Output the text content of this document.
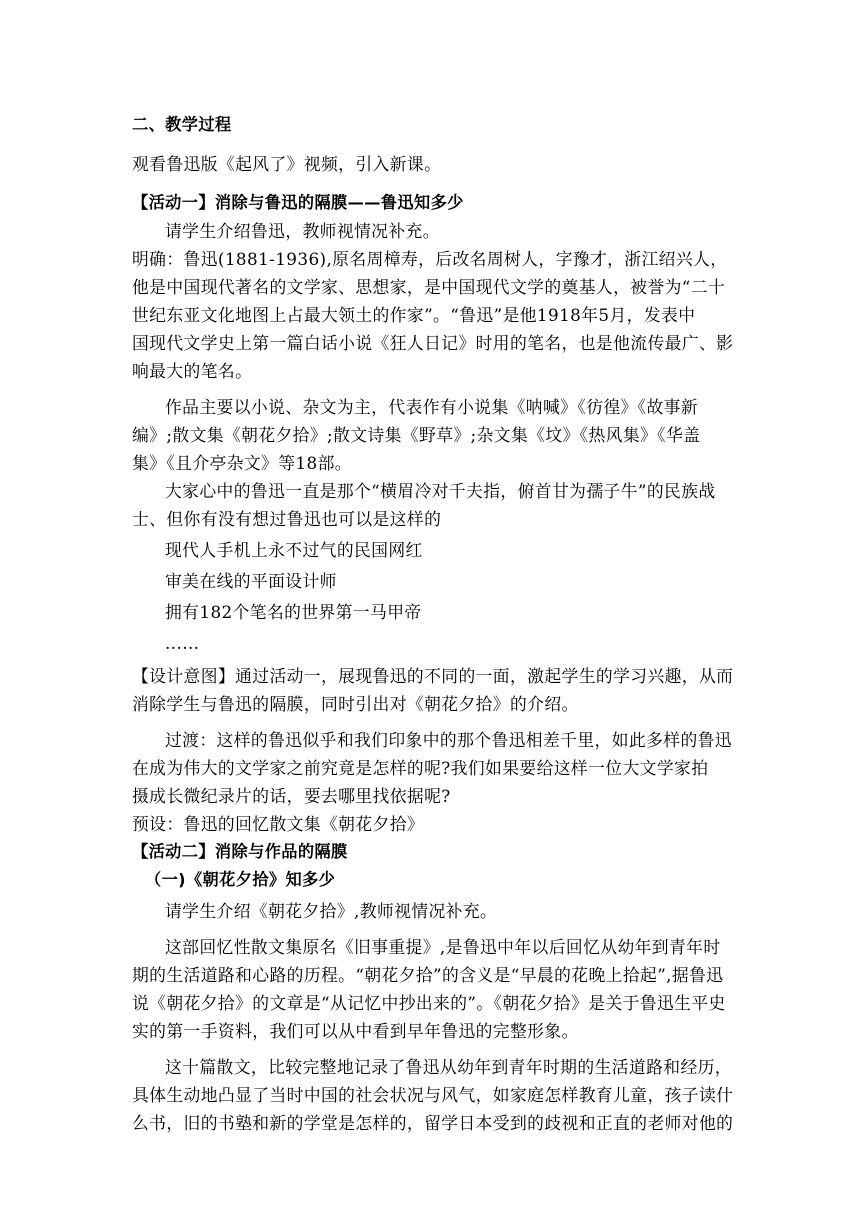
二、教学过程
观看鲁迅版《起风了》视频，引入新课。
【活动一】消除与鲁迅的隔膜——鲁迅知多少
请学生介绍鲁迅，教师视情况补充。
明确：鲁迅(1881-1936),原名周樟寿，后改名周树人，字豫才，浙江绍兴人，
他是中国现代著名的文学家、思想家，是中国现代文学的奠基人，被誉为“二十
世纪东亚文化地图上占最大领土的作家”。“鲁迅”是他1918年5月，发表中
国现代文学史上第一篇白话小说《狂人日记》时用的笔名，也是他流传最广、影
响最大的笔名。
作品主要以小说、杂文为主，代表作有小说集《呐喊》《彷徨》《故事新
编》;散文集《朝花夕拾》;散文诗集《野草》;杂文集《坟》《热风集》《华盖
集》《且介亭杂文》等18部。
大家心中的鲁迅一直是那个“横眉冷对千夫指，俯首甘为孺子牛”的民族战
士、但你有没有想过鲁迅也可以是这样的
现代人手机上永不过气的民国网红
审美在线的平面设计师
拥有182个笔名的世界第一马甲帝
......
【设计意图】通过活动一，展现鲁迅的不同的一面，激起学生的学习兴趣，从而
消除学生与鲁迅的隔膜，同时引出对《朝花夕拾》的介绍。
过渡：这样的鲁迅似乎和我们印象中的那个鲁迅相差千里，如此多样的鲁迅
在成为伟大的文学家之前究竟是怎样的呢?我们如果要给这样一位大文学家拍
摄成长微纪录片的话，要去哪里找依据呢?
预设：鲁迅的回忆散文集《朝花夕拾》
【活动二】消除与作品的隔膜
（一)《朝花夕拾》知多少
请学生介绍《朝花夕拾》,教师视情况补充。
这部回忆性散文集原名《旧事重提》,是鲁迅中年以后回忆从幼年到青年时
期的生活道路和心路的历程。“朝花夕拾”的含义是“早晨的花晚上拾起”,据鲁迅
说《朝花夕拾》的文章是“从记忆中抄出来的”。《朝花夕拾》是关于鲁迅生平史
实的第一手资料，我们可以从中看到早年鲁迅的完整形象。
这十篇散文，比较完整地记录了鲁迅从幼年到青年时期的生活道路和经历，
具体生动地凸显了当时中国的社会状况与风气，如家庭怎样教育儿童，孩子读什
么书，旧的书塾和新的学堂是怎样的，留学日本受到的歧视和正直的老师对他的
